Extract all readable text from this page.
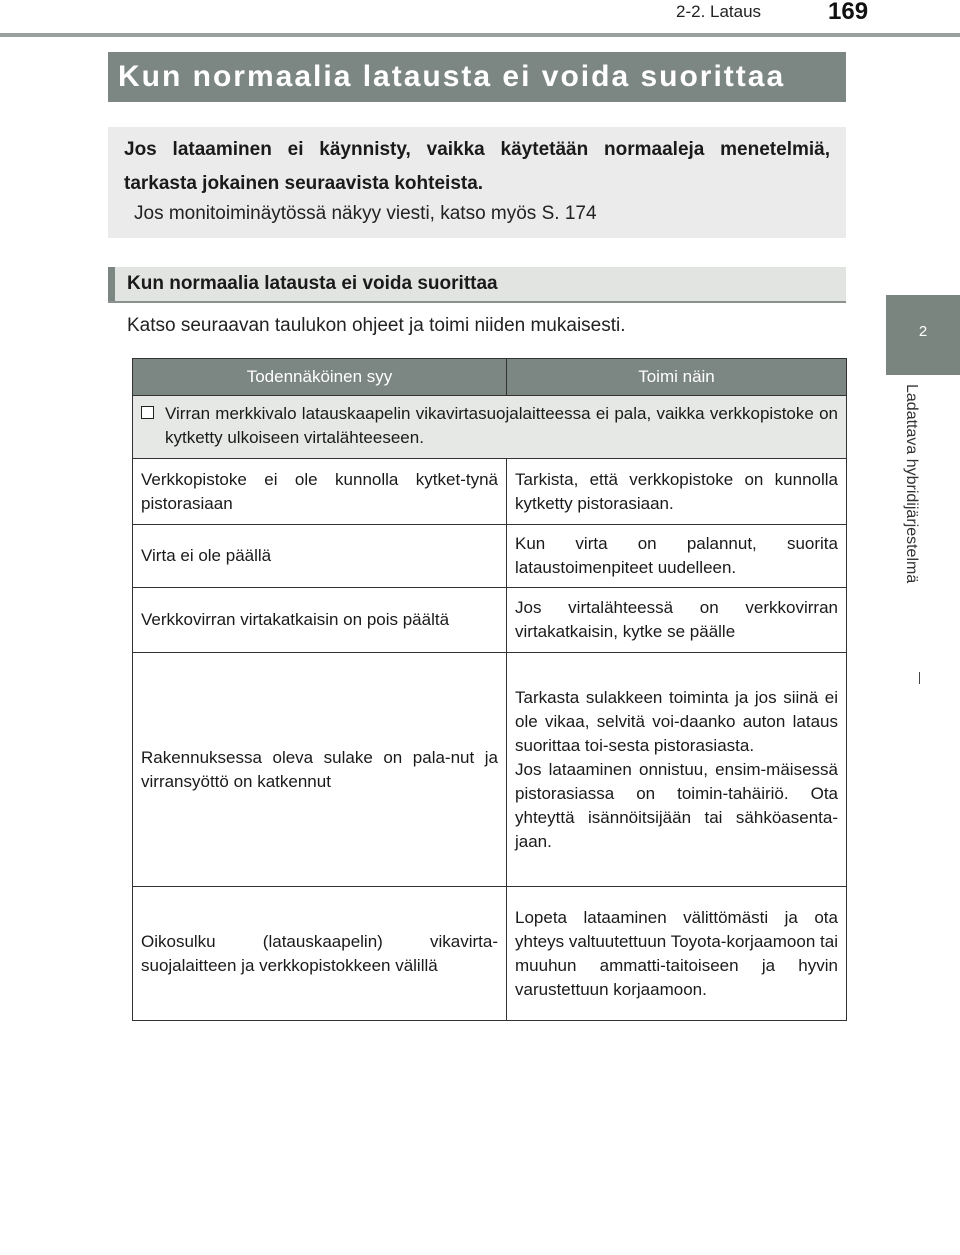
2-2. Lataus	169
2
Ladattava hybridijärjestelmä
Kun normaalia latausta ei voida suorittaa
Jos lataaminen ei käynnisty, vaikka käytetään normaaleja menetelmiä, tarkasta jokainen seuraavista kohteista.
Jos monitoiminäytössä näkyy viesti, katso myös S. 174
Kun normaalia latausta ei voida suorittaa
Katso seuraavan taulukon ohjeet ja toimi niiden mukaisesti.
Todennäköinen syy	Toimi näin

Virran merkkivalo latauskaapelin vikavirtasuojalaitteessa ei pala, vaikka verkkopistoke on kytketty ulkoiseen virtalähteeseen.	

Verkkopistoke ei ole kunnolla kytket-tynä pistorasiaan	Tarkista, että verkkopistoke on kunnolla kytketty pistorasiaan.

Virta ei ole päällä	Kun virta on palannut, suorita lataustoimenpiteet uudelleen.

Verkkovirran virtakatkaisin on pois päältä	Jos virtalähteessä on verkkovirran virtakatkaisin, kytke se päälle

Rakennuksessa oleva sulake on pala-nut ja virransyöttö on katkennut	Tarkasta sulakkeen toiminta ja jos siinä ei ole vikaa, selvitä voi-daanko auton lataus suorittaa toi-sesta pistorasiasta.
Jos lataaminen onnistuu, ensim-mäisessä pistorasiassa on toimin-tahäiriö. Ota yhteyttä isännöitsijään tai sähköasenta-jaan.

Oikosulku (latauskaapelin) vikavirta-suojalaitteen ja verkkopistokkeen välillä	Lopeta lataaminen välittömästi ja ota yhteys valtuutettuun Toyota-korjaamoon tai muuhun ammatti-taitoiseen ja hyvin varustettuun korjaamoon.
